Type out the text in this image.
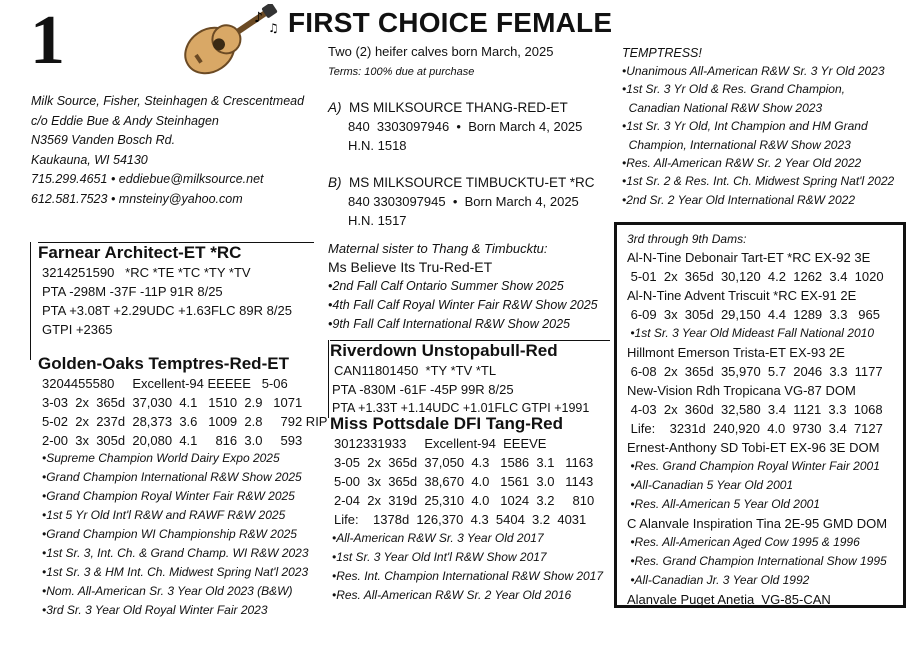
1	♪
♫ FIRST CHOICE FEMALE
Two (2) heifer calves born March, 2025
Terms: 100% due at purchase
Milk Source, Fisher, Steinhagen & Crescentmead
c/o Eddie Bue & Andy Steinhagen
N3569 Vanden Bosch Rd.
Kaukauna, WI 54130
715.299.4651 • eddiebue@milksource.net
612.581.7523 • mnsteiny@yahoo.com
A) MS MILKSOURCE THANG-RED-ET
840  3303097946  •  Born March 4, 2025
H.N. 1518
B) MS MILKSOURCE TIMBUCKTU-ET *RC
840 3303097945  •  Born March 4, 2025
H.N. 1517
Maternal sister to Thang & Timbucktu:
Ms Believe Its Tru-Red-ET
•2nd Fall Calf Ontario Summer Show 2025
•4th Fall Calf Royal Winter Fair R&W Show 2025
•9th Fall Calf International R&W Show 2025
Farnear Architect-ET *RC
3214251590   *RC *TE *TC *TY *TV
PTA -298M -37F -11P 91R 8/25
PTA +3.08T +2.29UDC +1.63FLC 89R 8/25
GTPI +2365
Golden-Oaks Temptres-Red-ET
3204455580     Excellent-94 EEEEE   5-06
3-03  2x  365d  37,030  4.1   1510  2.9   1071
5-02  2x  237d  28,373  3.6   1009  2.8     792 RIP
2-00  3x  305d  20,080  4.1     816  3.0     593
•Supreme Champion World Dairy Expo 2025
•Grand Champion International R&W Show 2025
•Grand Champion Royal Winter Fair R&W 2025
•1st 5 Yr Old Int'l R&W and RAWF R&W 2025
•Grand Champion WI Championship R&W 2025
•1st Sr. 3, Int. Ch. & Grand Champ. WI R&W 2023
•1st Sr. 3 & HM Int. Ch. Midwest Spring Nat'l 2023
•Nom. All-American Sr. 3 Year Old 2023 (B&W)
•3rd Sr. 3 Year Old Royal Winter Fair 2023
Riverdown Unstopabull-Red
CAN11801450  *TY *TV *TL
PTA -830M -61F -45P 99R 8/25
PTA +1.33T +1.14UDC +1.01FLC GTPI +1991
Miss Pottsdale DFI Tang-Red
3012331933     Excellent-94  EEEVE
3-05  2x  365d  37,050  4.3   1586  3.1   1163
5-00  3x  365d  38,670  4.0   1561  3.0   1143
2-04  2x  319d  25,310  4.0   1024  3.2     810
Life:    1378d  126,370  4.3  5404  3.2  4031
•All-American R&W Sr. 3 Year Old 2017
•1st Sr. 3 Year Old Int'l R&W Show 2017
•Res. Int. Champion International R&W Show 2017
•Res. All-American R&W Sr. 2 Year Old 2016
TEMPTRESS!
•Unanimous All-American R&W Sr. 3 Yr Old 2023
•1st Sr. 3 Yr Old & Res. Grand Champion,
Canadian National R&W Show 2023
•1st Sr. 3 Yr Old, Int Champion and HM Grand
Champion, International R&W Show 2023
•Res. All-American R&W Sr. 2 Year Old 2022
•1st Sr. 2 & Res. Int. Ch. Midwest Spring Nat'l 2022
•2nd Sr. 2 Year Old International R&W 2022
3rd through 9th Dams:
Al-N-Tine Debonair Tart-ET *RC EX-92 3E
5-01  2x  365d  30,120  4.2  1262  3.4  1020
Al-N-Tine Advent Triscuit *RC EX-91 2E
6-09  3x  305d  29,150  4.4  1289  3.3   965
•1st Sr. 3 Year Old Mideast Fall National 2010
Hillmont Emerson Trista-ET EX-93 2E
6-08  2x  365d  35,970  5.7  2046  3.3  1177
New-Vision Rdh Tropicana VG-87 DOM
4-03  2x  360d  32,580  3.4  1121  3.3  1068
Life:    3231d  240,920  4.0  9730  3.4  7127
Ernest-Anthony SD Tobi-ET EX-96 3E DOM
•Res. Grand Champion Royal Winter Fair 2001
•All-Canadian 5 Year Old 2001
•Res. All-American 5 Year Old 2001
C Alanvale Inspiration Tina 2E-95 GMD DOM
•Res. All-American Aged Cow 1995 & 1996
•Res. Grand Champion International Show 1995
•All-Canadian Jr. 3 Year Old 1992
Alanvale Puget Anetia  VG-85-CAN
